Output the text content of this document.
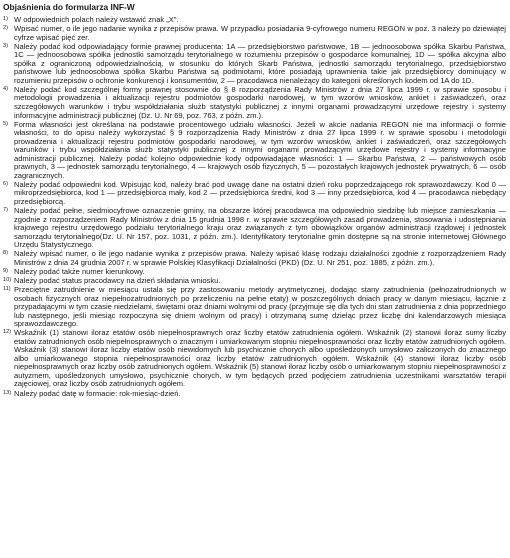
Objaśnienia do formularza INF-W
1) W odpowiednich polach należy wstawić znak „X”.
2) Wpisać numer, o ile jego nadanie wynika z przepisów prawa. W przypadku posiadania 9-cyfrowego numeru REGON w poz. 3 należy po dziewiątej cyfrze wpisać pięć zer.
3) Należy podać kod odpowiadający formie prawnej producenta: 1A — przedsiębiorstwo państwowe, 1B — jednoosobowa spółka Skarbu Państwa, 1C — jednoosobowa spółka jednostki samorządu terytorialnego w rozumieniu przepisów o gospodarce komunalnej, 1D — spółka akcyjna albo spółka z ograniczoną odpowiedzialnością, w stosunku do których Skarb Państwa, jednostki samorządu terytorialnego, przedsiębiorstwo państwowe lub jednoosobowa spółka Skarbu Państwa są podmiotami, które posiadają uprawnienia takie jak przedsiębiorcy dominujący w rozumieniu przepisów o ochronie konkurencji i konsumentów, 2 — pracodawca nienależący do kategorii określonych kodem od 1A do 1D.
4) Należy podać kod szczególnej formy prawnej stosownie do § 8 rozporządzenia Rady Ministrów z dnia 27 lipca 1999 r. w sprawie sposobu i metodologii prowadzenia i aktualizacji rejestru podmiotów gospodarki narodowej, w tym wzorów wniosków, ankiet i zaświadczeń, oraz szczegółowych warunków i trybu współdziałania służb statystyki publicznej z innymi organami prowadzącymi urzędowe rejestry i systemy informacyjne administracji publicznej (Dz. U. Nr 69, poz. 763, z późn. zm.).
5) Forma własności jest określana na podstawie procentowego udziału własności. Jeżeli w akcie nadania REGON nie ma informacji o formie własności, to do opisu należy wykorzystać § 9 rozporządzenia Rady Ministrów z dnia 27 lipca 1999 r. w sprawie sposobu i metodologii prowadzenia i aktualizacji rejestru podmiotów gospodarki narodowej, w tym wzorów wniosków, ankiet i zaświadczeń, oraz szczegółowych warunków i trybu współdziałania służb statystyki publicznej z innymi organami prowadzącymi urzędowe rejestry i systemy informacyjne administracji publicznej. Należy podać kolejno odpowiednie kody odpowiadające własności: 1 — Skarbu Państwa, 2 — państwowych osób prawnych, 3 — jednostek samorządu terytorialnego, 4 — krajowych osób fizycznych, 5 — pozostałych krajowych jednostek prywatnych, 6 — osób zagranicznych.
6) Należy podać odpowiedni kod. Wpisując kod, należy brać pod uwagę dane na ostatni dzień roku poprzedzającego rok sprawozdawczy. Kod 0 — mikroprzedsiębiorca, kod 1 — przedsiębiorca mały, kod 2 — przedsiębiorca średni, kod 3 — inny przedsiębiorca, kod 4 — pracodawca niebędący przedsiębiorcą.
7) Należy podać pełne, siedmiocyfrowe oznaczenie gminy, na obszarze której pracodawca ma odpowiednio siedzibę lub miejsce zamieszkania — zgodnie z rozporządzeniem Rady Ministrów z dnia 15 grudnia 1998 r. w sprawie szczegółowych zasad prowadzenia, stosowania i udostępniania krajowego rejestru urzędowego podziału terytorialnego kraju oraz związanych z tym obowiązków organów administracji rządowej i jednostek samorządu terytorialnego(Dz. U. Nr 157, poz. 1031, z późn. zm.). Identyfikatory terytorialne gmin dostępne są na stronie internetowej Głównego Urzędu Statystycznego.
8) Należy wpisać numer, o ile jego nadanie wynika z przepisów prawa. Należy wpisać klasę rodzaju działalności zgodnie z rozporządzeniem Rady Ministrów z dnia 24 grudnia 2007 r. w sprawie Polskiej Klasyfikacji Działalności (PKD) (Dz. U. Nr 251, poz. 1885, z późn. zm.).
9) Należy podać także numer kierunkowy.
10) Należy podać status pracodawcy na dzień składania wniosku.
11) Przeciętne zatrudnienie w miesiącu ustala się przy zastosowaniu metody arytmetycznej, dodając stany zatrudnienia (pełnozatrudnionych w osobach fizycznych oraz niepełnozatrudnionych po przeliczeniu na pełne etaty) w poszczególnych dniach pracy w danym miesiącu, łącznie z przypadającymi w tym czasie niedzielami, świętami oraz dniami wolnymi od pracy (przyjmuje się dla tych dni stan zatrudnienia z dnia poprzedniego lub następnego, jeśli miesiąc rozpoczyna się dniem wolnym od pracy) i otrzymaną sumę dzieląc przez liczbę dni kalendarzowych miesiąca sprawozdawczego.
12) Wskaźnik (1) stanowi iloraz etatów osób niepełnosprawnych oraz liczby etatów zatrudnienia ogółem. Wskaźnik (2) stanowi iloraz sumy liczby etatów zatrudnionych osób niepełnosprawnych o znacznym i umiarkowanym stopniu niepełnosprawności oraz liczby etatów zatrudnionych ogółem. Wskaźnik (3) stanowi iloraz liczby etatów osób niewidomych lub psychicznie chorych albo upośledzonych umysłowo zaliczonych do znacznego albo umiarkowanego stopnia niepełnosprawności oraz liczby etatów zatrudnionych ogółem. Wskaźnik (4) stanowi iloraz liczby osób niepełnosprawnych oraz liczby osób zatrudnionych ogółem. Wskaźnik (5) stanowi iloraz liczby osób o umiarkowanym stopniu niepełnosprawności z autyzmem, upośledzonych umysłowo, psychicznie chorych, w tym będących przed podjęciem zatrudnienia uczestnikami warsztatów terapii zajęciowej, oraz liczby osób zatrudnionych ogółem.
13) Należy podać datę w formacie: rok-miesiąc-dzień.
